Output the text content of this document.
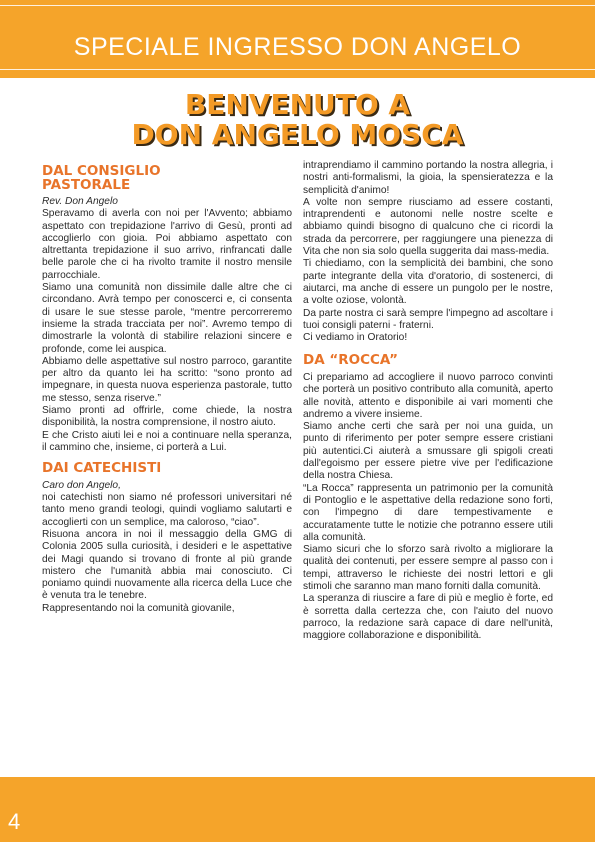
SPECIALE INGRESSO DON ANGELO
BENVENUTO A
DON ANGELO MOSCA
DAL CONSIGLIO
PASTORALE

Rev. Don Angelo

Speravamo di averla con noi per l'Avvento; abbiamo aspettato con trepidazione l'arrivo di Gesù, pronti ad accoglierlo con gioia. Poi abbiamo aspettato con altrettanta trepidazione il suo arrivo, rinfrancati dalle belle parole che ci ha rivolto tramite il nostro mensile parrocchiale.

Siamo una comunità non dissimile dalle altre che ci circondano. Avrà tempo per conoscerci e, ci consenta di usare le sue stesse parole, “mentre percorreremo insieme la strada tracciata per noi”. Avremo tempo di dimostrarle la volontà di stabilire relazioni sincere e profonde, come lei auspica.

Abbiamo delle aspettative sul nostro parroco, garantite per altro da quanto lei ha scritto: “sono pronto ad impegnare, in questa nuova esperienza pastorale, tutto me stesso, senza riserve.”

Siamo pronti ad offrirle, come chiede, la nostra disponibilità, la nostra comprensione, il nostro aiuto.

E che Cristo aiuti lei e noi a continuare nella speranza, il cammino che, insieme, ci porterà a Lui.

DAI CATECHISTI

Caro don Angelo,

noi catechisti non siamo né professori universitari né tanto meno grandi teologi, quindi vogliamo salutarti e accoglierti con un semplice, ma caloroso, “ciao”.

Risuona ancora in noi il messaggio della GMG di Colonia 2005 sulla curiosità, i desideri e le aspettative dei Magi quando si trovano di fronte al più grande mistero che l'umanità abbia mai conosciuto. Ci poniamo quindi nuovamente alla ricerca della Luce che è venuta tra le tenebre.

Rappresentando noi la comunità giovanile,

intraprendiamo il cammino portando la nostra allegria, i nostri anti-formalismi, la gioia, la spensieratezza e la semplicità d'animo!

A volte non sempre riusciamo ad essere costanti, intraprendenti e autonomi nelle nostre scelte e abbiamo quindi bisogno di qualcuno che ci ricordi la strada da percorrere, per raggiungere una pienezza di Vita che non sia solo quella suggerita dai mass-media.

Ti chiediamo, con la semplicità dei bambini, che sono parte integrante della vita d'oratorio, di sostenerci, di aiutarci, ma anche di essere un pungolo per le nostre, a volte oziose, volontà.

Da parte nostra ci sarà sempre l'impegno ad ascoltare i tuoi consigli paterni - fraterni.

Ci vediamo in Oratorio!

DA “ROCCA”

Ci prepariamo ad accogliere il nuovo parroco convinti che porterà un positivo contributo alla comunità, aperto alle novità, attento e disponibile ai vari momenti che andremo a vivere insieme.

Siamo anche certi che sarà per noi una guida, un punto di riferimento per poter sempre essere cristiani più autentici.Ci aiuterà a smussare gli spigoli creati dall'egoismo per essere pietre vive per l'edificazione della nostra Chiesa.

“La Rocca” rappresenta un patrimonio per la comunità di Pontoglio e le aspettative della redazione sono forti, con l'impegno di dare tempestivamente e accuratamente tutte le notizie che potranno essere utili alla comunità.

Siamo sicuri che lo sforzo sarà rivolto a migliorare la qualità dei contenuti, per essere sempre al passo con i tempi, attraverso le richieste dei nostri lettori e gli stimoli che saranno man mano forniti dalla comunità.

La speranza di riuscire a fare di più e meglio è forte, ed è sorretta dalla certezza che, con l'aiuto del nuovo parroco, la redazione sarà capace di dare nell'unità, maggiore collaborazione e disponibilità.

4
